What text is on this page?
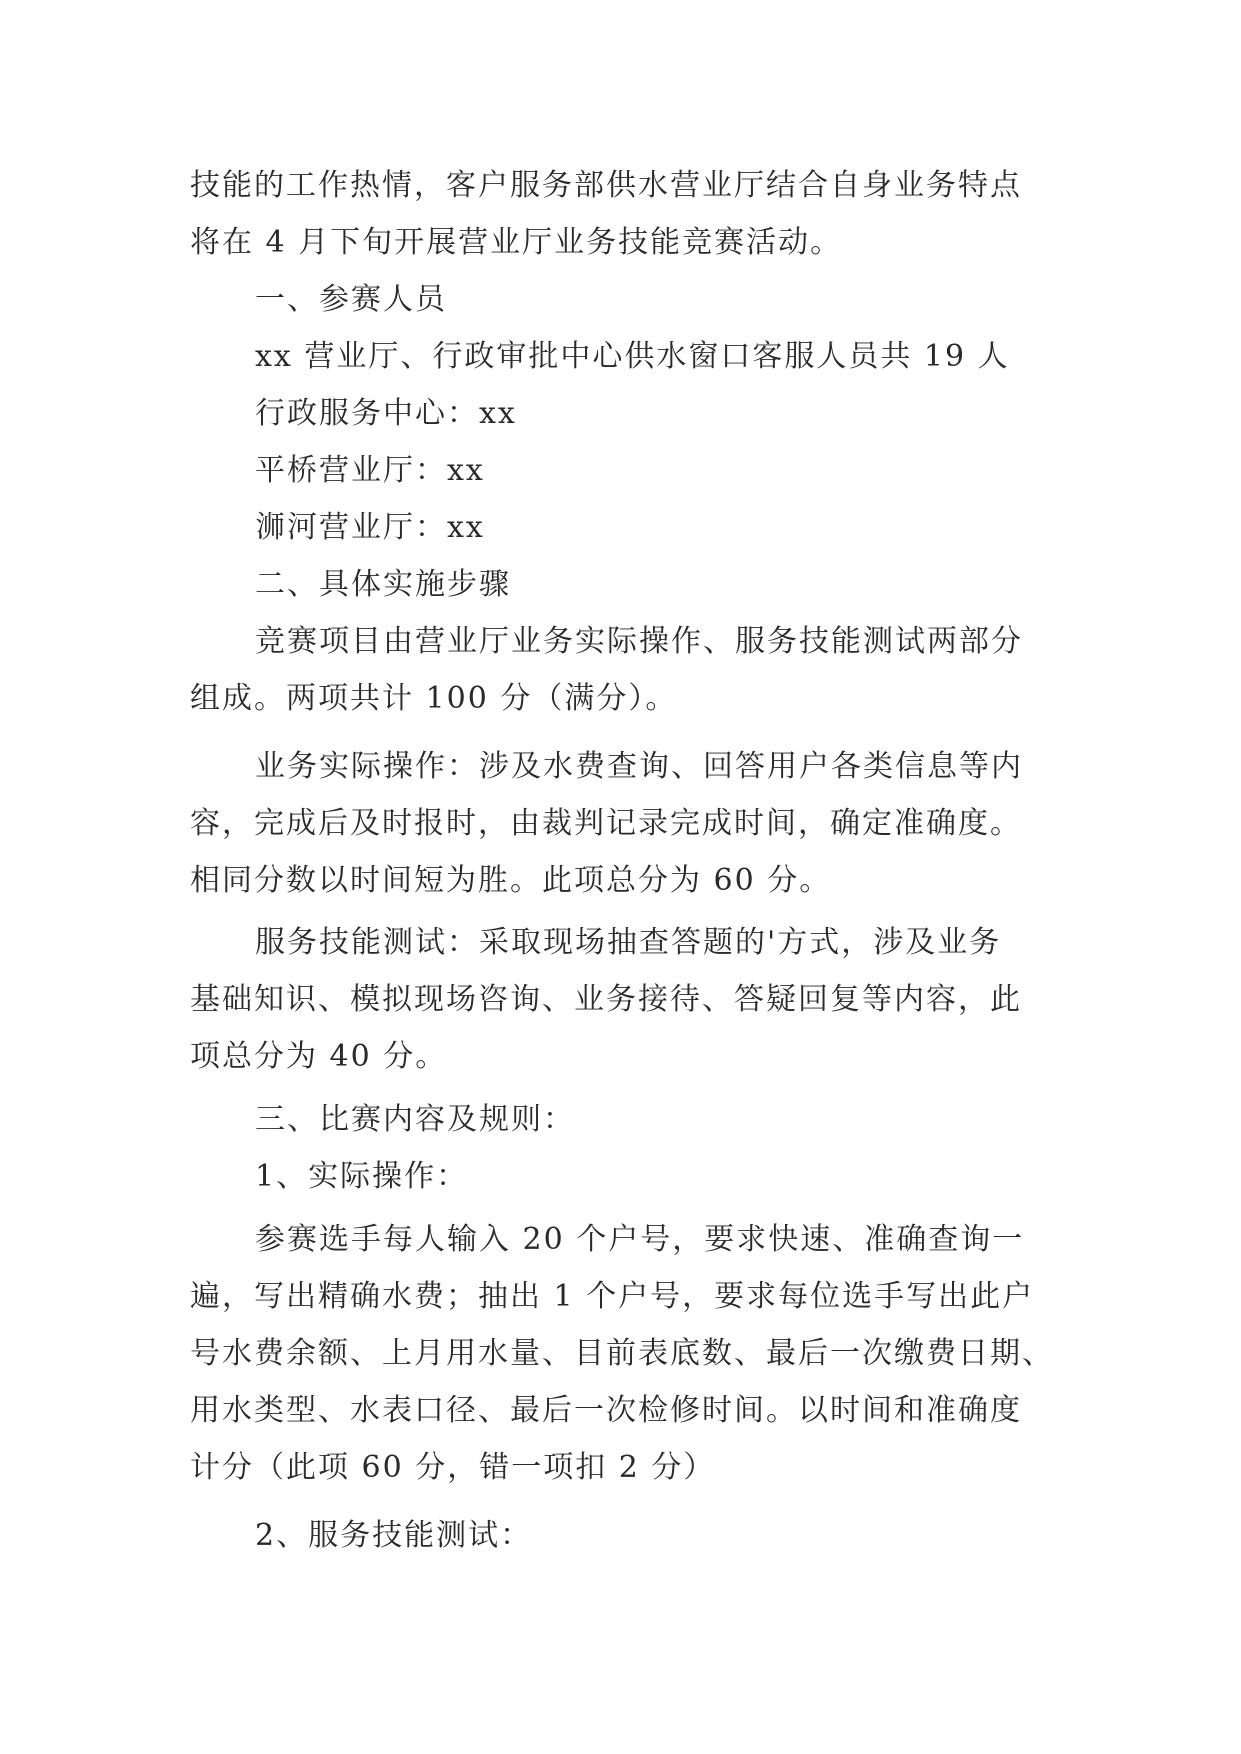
技能的工作热情，客户服务部供水营业厅结合自身业务特点
将在 4 月下旬开展营业厅业务技能竞赛活动。
一、参赛人员
xx 营业厅、行政审批中心供水窗口客服人员共 19 人
行政服务中心：xx
平桥营业厅：xx
浉河营业厅：xx
二、具体实施步骤
竞赛项目由营业厅业务实际操作、服务技能测试两部分
组成。两项共计 100 分（满分）。
业务实际操作：涉及水费查询、回答用户各类信息等内
容，完成后及时报时，由裁判记录完成时间，确定准确度。
相同分数以时间短为胜。此项总分为 60 分。
服务技能测试：采取现场抽查答题的'方式，涉及业务
基础知识、模拟现场咨询、业务接待、答疑回复等内容，此
项总分为 40 分。
三、比赛内容及规则：
1、实际操作：
参赛选手每人输入 20 个户号，要求快速、准确查询一
遍，写出精确水费；抽出 1 个户号，要求每位选手写出此户
号水费余额、上月用水量、目前表底数、最后一次缴费日期、
用水类型、水表口径、最后一次检修时间。以时间和准确度
计分（此项 60 分，错一项扣 2 分）
2、服务技能测试：
